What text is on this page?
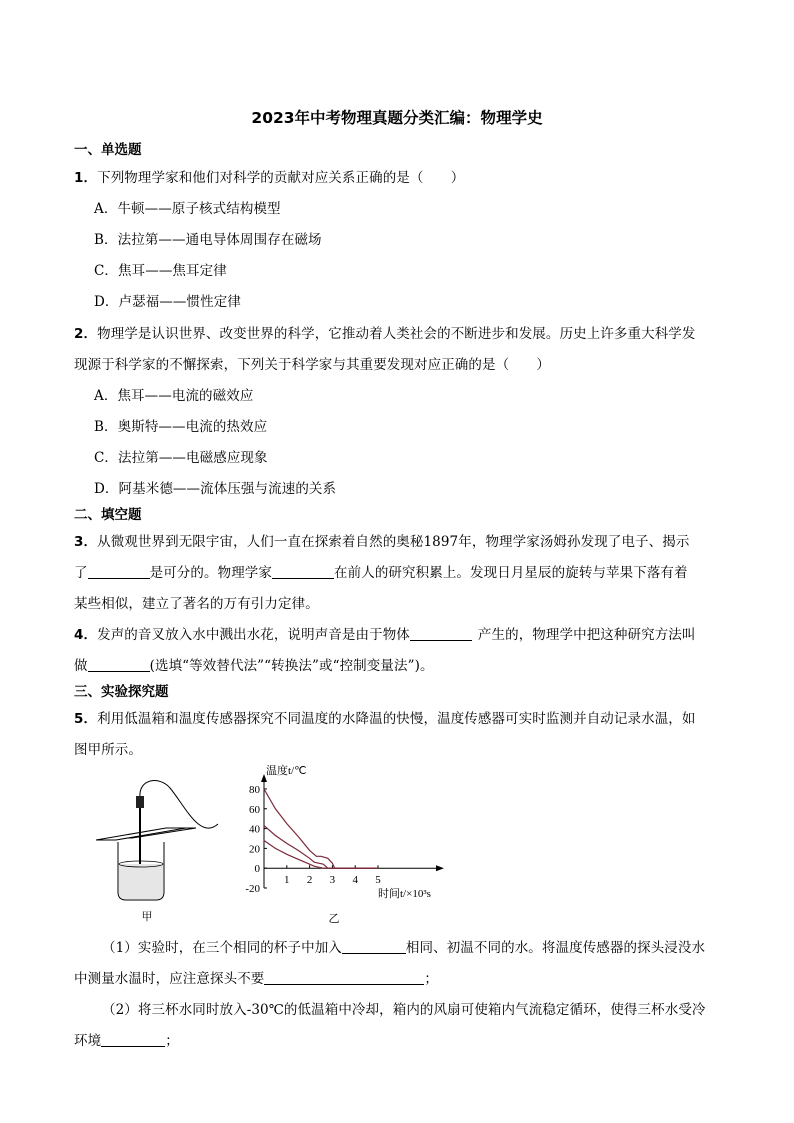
2023年中考物理真题分类汇编：物理学史
一、单选题
1．下列物理学家和他们对科学的贡献对应关系正确的是（　　）
A．牛顿——原子核式结构模型
B．法拉第——通电导体周围存在磁场
C．焦耳——焦耳定律
D．卢瑟福——惯性定律
2．物理学是认识世界、改变世界的科学，它推动着人类社会的不断进步和发展。历史上许多重大科学发
现源于科学家的不懈探索，下列关于科学家与其重要发现对应正确的是（　　）
A．焦耳——电流的磁效应
B．奥斯特——电流的热效应
C．法拉第——电磁感应现象
D．阿基米德——流体压强与流速的关系
二、填空题
3．从微观世界到无限宇宙，人们一直在探索着自然的奥秘1897年，物理学家汤姆孙发现了电子、揭示
了	是可分的。物理学家	在前人的研究积累上。发现日月星辰的旋转与苹果下落有着
某些相似，建立了著名的万有引力定律。
4．发声的音叉放入水中溅出水花，说明声音是由于物体	产生的，物理学中把这种研究方法叫
做	(选填“等效替代法”“转换法”或“控制变量法”)。
三、实验探究题
5．利用低温箱和温度传感器探究不同温度的水降温的快慢，温度传感器可实时监测并自动记录水温，如
图甲所示。
甲
80
60
40
20
0
-20
1 2 3 4 5
温度t/℃
时间t/×10³s
乙
（1）实验时，在三个相同的杯子中加入	相同、初温不同的水。将温度传感器的探头浸没水
中测量水温时，应注意探头不要	；
（2）将三杯水同时放入-30℃的低温箱中冷却，箱内的风扇可使箱内气流稳定循环，使得三杯水受冷
环境	；
